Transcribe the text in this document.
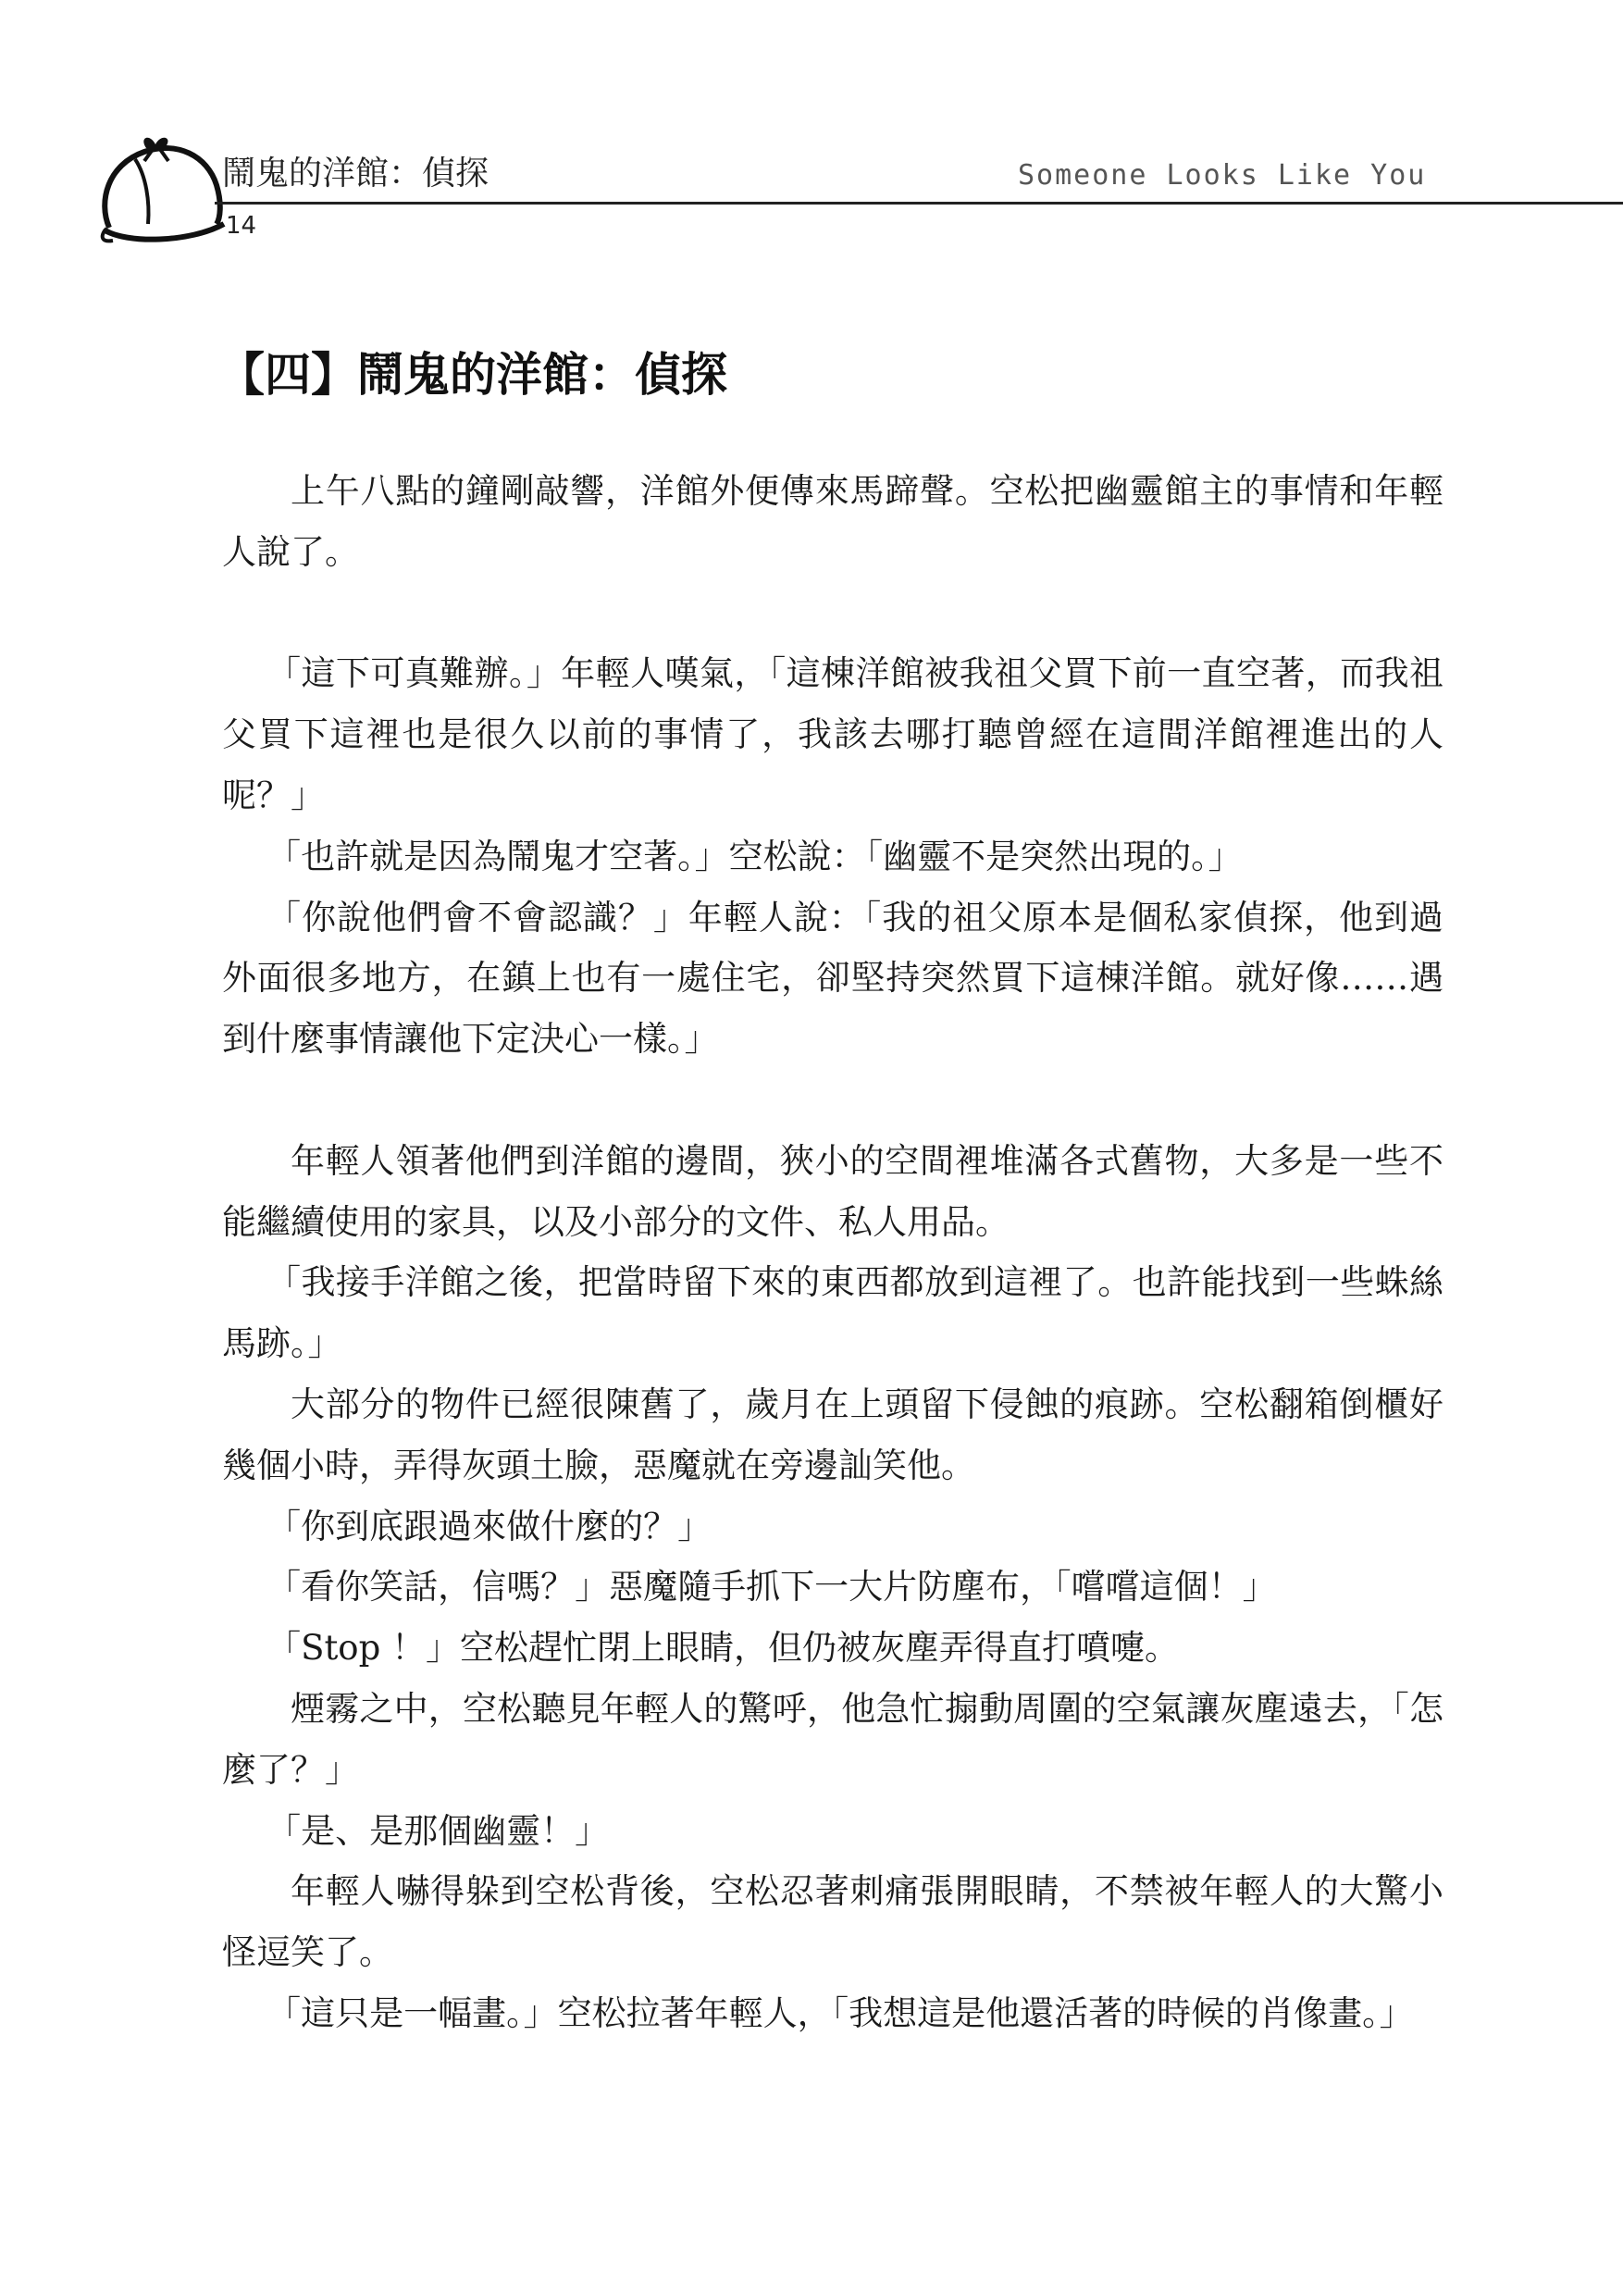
鬧鬼的洋館：偵探	Someone Looks Like You
14
【四】鬧鬼的洋館：偵探

上午八點的鐘剛敲響，洋館外便傳來馬蹄聲。空松把幽靈館主的事情和年輕人說了。

「這下可真難辦。」年輕人嘆氣，「這棟洋館被我祖父買下前一直空著，而我祖父買下這裡也是很久以前的事情了，我該去哪打聽曾經在這間洋館裡進出的人呢？」

「也許就是因為鬧鬼才空著。」空松說：「幽靈不是突然出現的。」

「你說他們會不會認識？」年輕人說：「我的祖父原本是個私家偵探，他到過外面很多地方，在鎮上也有一處住宅，卻堅持突然買下這棟洋館。就好像……遇到什麼事情讓他下定決心一樣。」

年輕人領著他們到洋館的邊間，狹小的空間裡堆滿各式舊物，大多是一些不能繼續使用的家具，以及小部分的文件、私人用品。

「我接手洋館之後，把當時留下來的東西都放到這裡了。也許能找到一些蛛絲馬跡。」

大部分的物件已經很陳舊了，歲月在上頭留下侵蝕的痕跡。空松翻箱倒櫃好幾個小時，弄得灰頭土臉，惡魔就在旁邊訕笑他。

「你到底跟過來做什麼的？」

「看你笑話，信嗎？」惡魔隨手抓下一大片防塵布，「嚐嚐這個！」

「Stop ！」空松趕忙閉上眼睛，但仍被灰塵弄得直打噴嚏。

煙霧之中，空松聽見年輕人的驚呼，他急忙搧動周圍的空氣讓灰塵遠去，「怎麼了？」

「是、是那個幽靈！」

年輕人嚇得躲到空松背後，空松忍著刺痛張開眼睛，不禁被年輕人的大驚小怪逗笑了。

「這只是一幅畫。」空松拉著年輕人，「我想這是他還活著的時候的肖像畫。」
